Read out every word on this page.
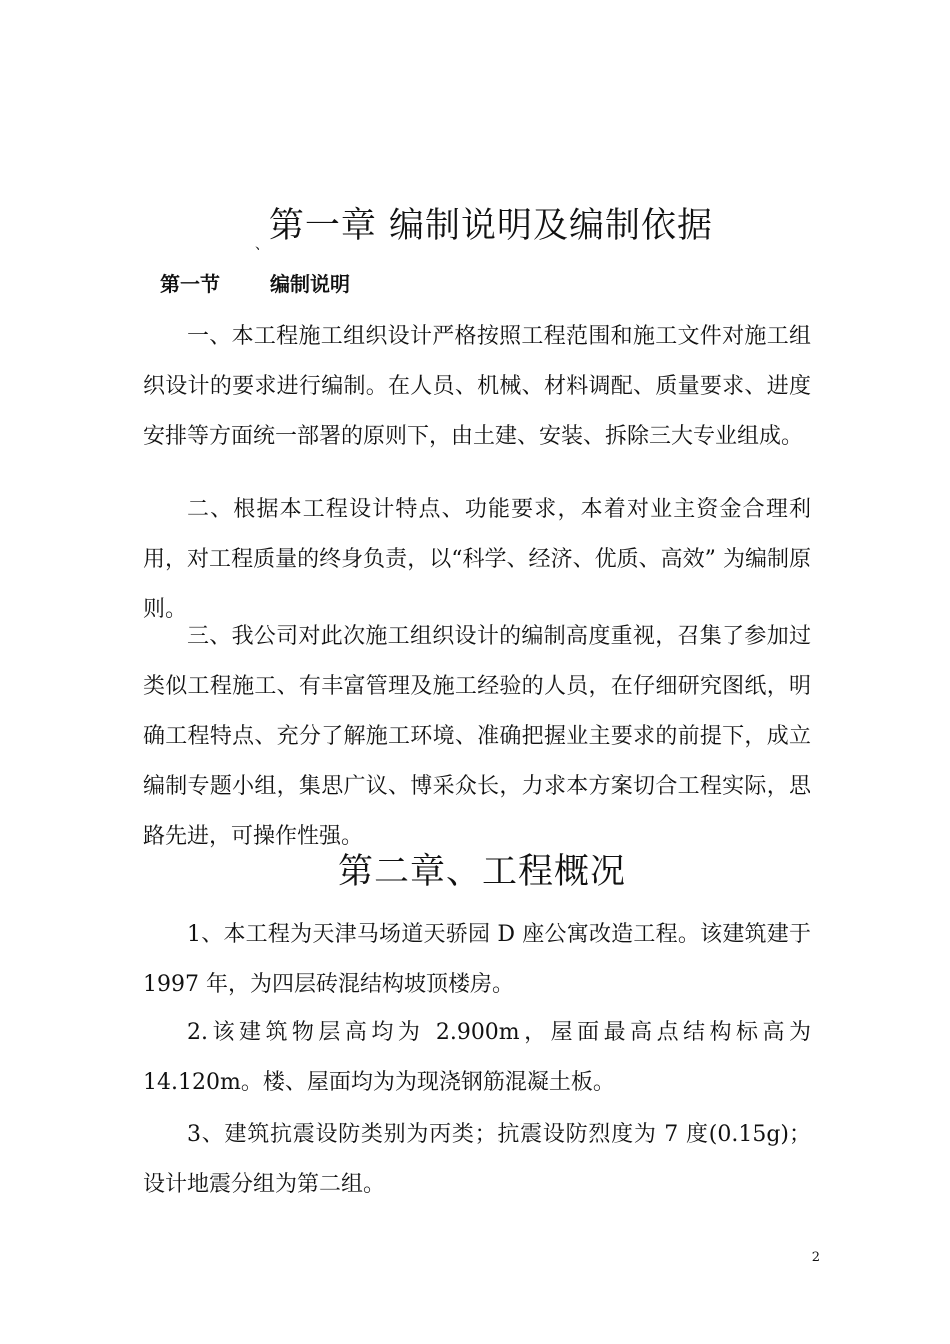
第一章 编制说明及编制依据
、
第一节	编制说明

一、本工程施工组织设计严格按照工程范围和施工文件对施工组织设计的要求进行编制。在人员、机械、材料调配、质量要求、进度安排等方面统一部署的原则下，由土建、安装、拆除三大专业组成。

二、根据本工程设计特点、功能要求，本着对业主资金合理利用，对工程质量的终身负责，以“科学、经济、优质、高效” 为编制原则。

三、我公司对此次施工组织设计的编制高度重视，召集了参加过类似工程施工、有丰富管理及施工经验的人员，在仔细研究图纸，明确工程特点、充分了解施工环境、准确把握业主要求的前提下，成立编制专题小组，集思广议、博采众长，力求本方案切合工程实际，思路先进，可操作性强。

第二章、工程概况

1、本工程为天津马场道天骄园 D 座公寓改造工程。该建筑建于1997 年，为四层砖混结构坡顶楼房。

2.该建筑物层高均为 2.900m，屋面最高点结构标高为 14.120m。楼、屋面均为为现浇钢筋混凝土板。

3、建筑抗震设防类别为丙类；抗震设防烈度为 7 度(0.15g)；设计地震分组为第二组。

2
